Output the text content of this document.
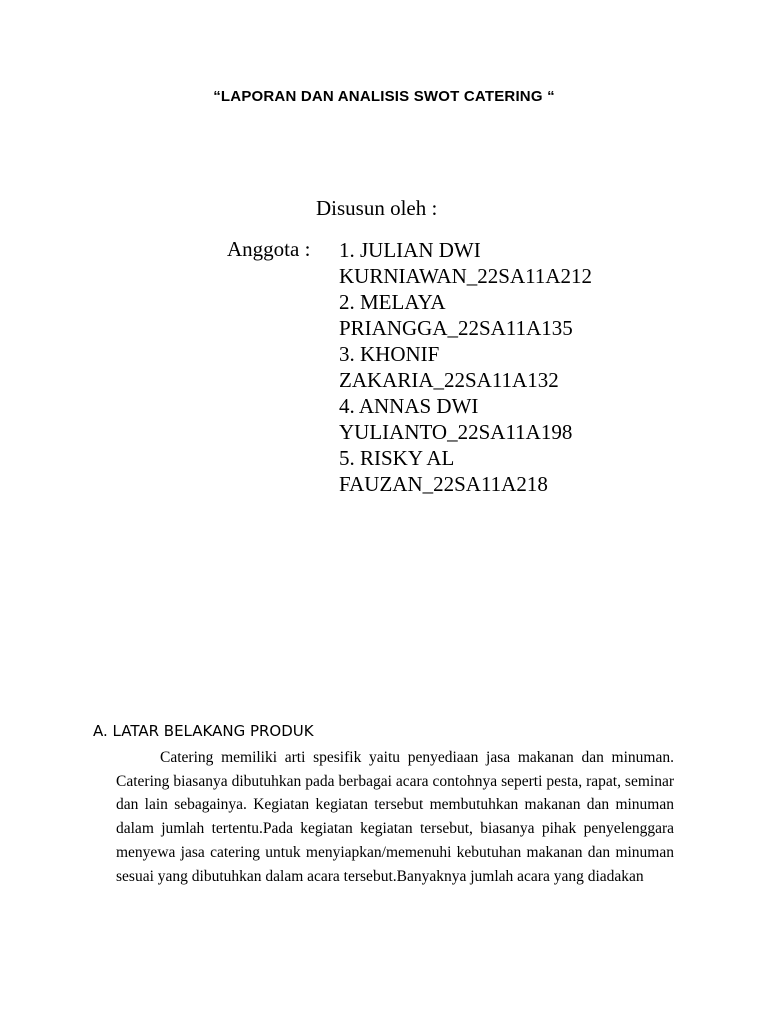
“LAPORAN DAN ANALISIS SWOT CATERING “
Disusun oleh :
Anggota : 1. JULIAN DWI KURNIAWAN_22SA11A212
2. MELAYA PRIANGGA_22SA11A135
3. KHONIF ZAKARIA_22SA11A132
4. ANNAS DWI YULIANTO_22SA11A198
5. RISKY AL FAUZAN_22SA11A218
A. LATAR BELAKANG PRODUK

Catering memiliki arti spesifik yaitu penyediaan jasa makanan dan minuman. Catering biasanya dibutuhkan pada berbagai acara contohnya seperti pesta, rapat, seminar dan lain sebagainya. Kegiatan kegiatan tersebut membutuhkan makanan dan minuman dalam jumlah tertentu.Pada kegiatan kegiatan tersebut, biasanya pihak penyelenggara menyewa jasa catering untuk menyiapkan/memenuhi kebutuhan makanan dan minuman sesuai yang dibutuhkan dalam acara tersebut.Banyaknya jumlah acara yang diadakan
